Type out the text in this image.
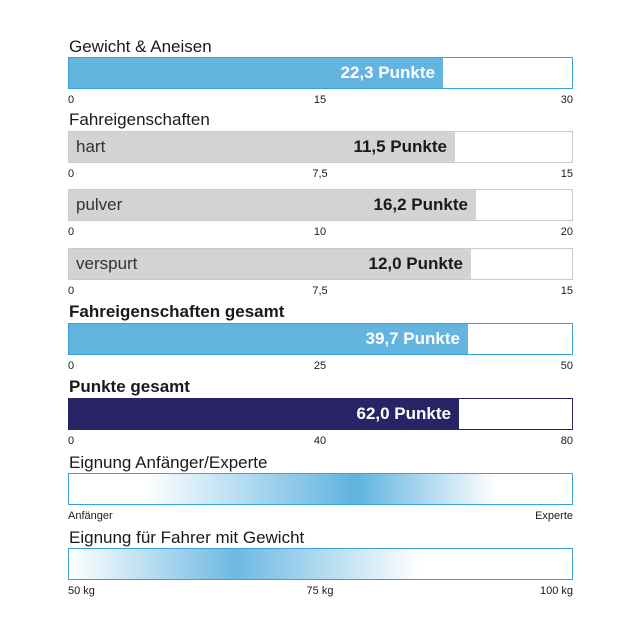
Gewicht & Aneisen
22,3 Punkte
0	15	30
Fahreigenschaften
hart	11,5 Punkte
0	7,5	15
pulver	16,2 Punkte
0	10	20
verspurt	12,0 Punkte
0	7,5	15
Fahreigenschaften gesamt
39,7 Punkte
0	25	50
Punkte gesamt
62,0 Punkte
0	40	80
Eignung Anfänger/Experte
Anfänger	Experte
Eignung für Fahrer mit Gewicht
50 kg	75 kg	100 kg
